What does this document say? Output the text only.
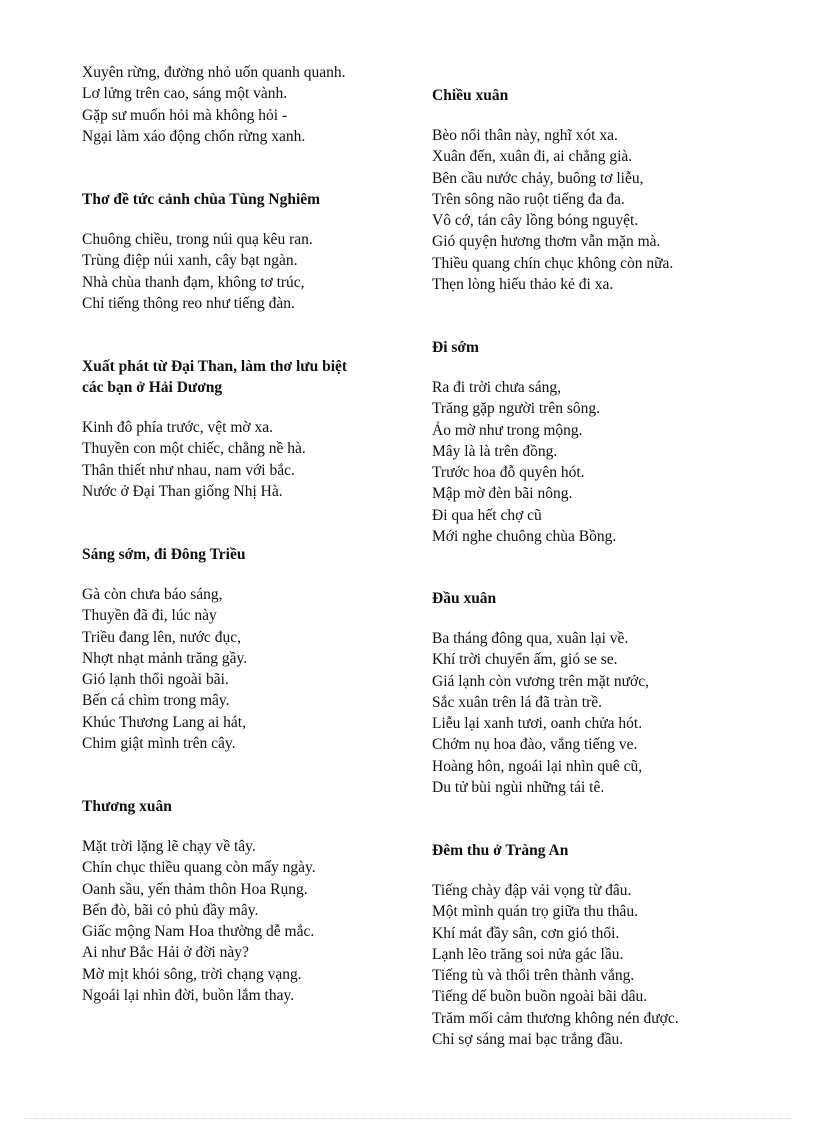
Xuyên rừng, đường nhỏ uốn quanh quanh.
Lơ lửng trên cao, sáng một vành.
Gặp sư muốn hỏi mà không hỏi -
Ngại làm xáo động chốn rừng xanh.
Thơ đề tức cảnh chùa Tùng Nghiêm
Chuông chiều, trong núi quạ kêu ran.
Trùng điệp núi xanh, cây bạt ngàn.
Nhà chùa thanh đạm, không tơ trúc,
Chỉ tiếng thông reo như tiếng đàn.
Xuất phát từ Đại Than, làm thơ lưu biệt
các bạn ở Hải Dương
Kinh đô phía trước, vệt mờ xa.
Thuyền con một chiếc, chẳng nề hà.
Thân thiết như nhau, nam với bắc.
Nước ở Đại Than giống Nhị Hà.
Sáng sớm, đi Đông Triều
Gà còn chưa báo sáng,
Thuyền đã đi, lúc này
Triều đang lên, nước đục,
Nhợt nhạt mảnh trăng gầy.
Gió lạnh thổi ngoài bãi.
Bến cá chìm trong mây.
Khúc Thương Lang ai hát,
Chim giật mình trên cây.
Thương xuân
Mặt trời lặng lẽ chạy về tây.
Chín chục thiều quang còn mấy ngày.
Oanh sầu, yến thảm thôn Hoa Rụng.
Bến đò, bãi cỏ phủ đầy mây.
Giấc mộng Nam Hoa thường dễ mắc.
Ai như Bắc Hải ở đời này?
Mờ mịt khói sông, trời chạng vạng.
Ngoái lại nhìn đời, buồn lắm thay.
Chiều xuân
Bèo nổi thân này, nghĩ xót xa.
Xuân đến, xuân đi, ai chẳng già.
Bên cầu nước chảy, buông tơ liễu,
Trên sông não ruột tiếng đa đa.
Vô cớ, tán cây lồng bóng nguyệt.
Gió quyện hương thơm vẫn mặn mà.
Thiều quang chín chục không còn nữa.
Thẹn lòng hiếu thảo kẻ đi xa.
Đi sớm
Ra đi trời chưa sáng,
Trăng gặp người trên sông.
Ảo mờ như trong mộng.
Mây là là trên đồng.
Trước hoa đỗ quyên hót.
Mập mờ đèn bãi nông.
Đi qua hết chợ cũ
Mới nghe chuông chùa Bồng.
Đầu xuân
Ba tháng đông qua, xuân lại về.
Khí trời chuyển ấm, gió se se.
Giá lạnh còn vương trên mặt nước,
Sắc xuân trên lá đã tràn trề.
Liễu lại xanh tươi, oanh chửa hót.
Chớm nụ hoa đào, vắng tiếng ve.
Hoàng hôn, ngoái lại nhìn quê cũ,
Du tử bùi ngùi những tái tê.
Đêm thu ở Tràng An
Tiếng chày đập vải vọng từ đâu.
Một mình quán trọ giữa thu thâu.
Khí mát đầy sân, cơn gió thổi.
Lạnh lẽo trăng soi nửa gác lầu.
Tiếng tù và thổi trên thành vắng.
Tiếng dế buồn buồn ngoài bãi dâu.
Trăm mối cảm thương không nén được.
Chỉ sợ sáng mai bạc trắng đầu.
